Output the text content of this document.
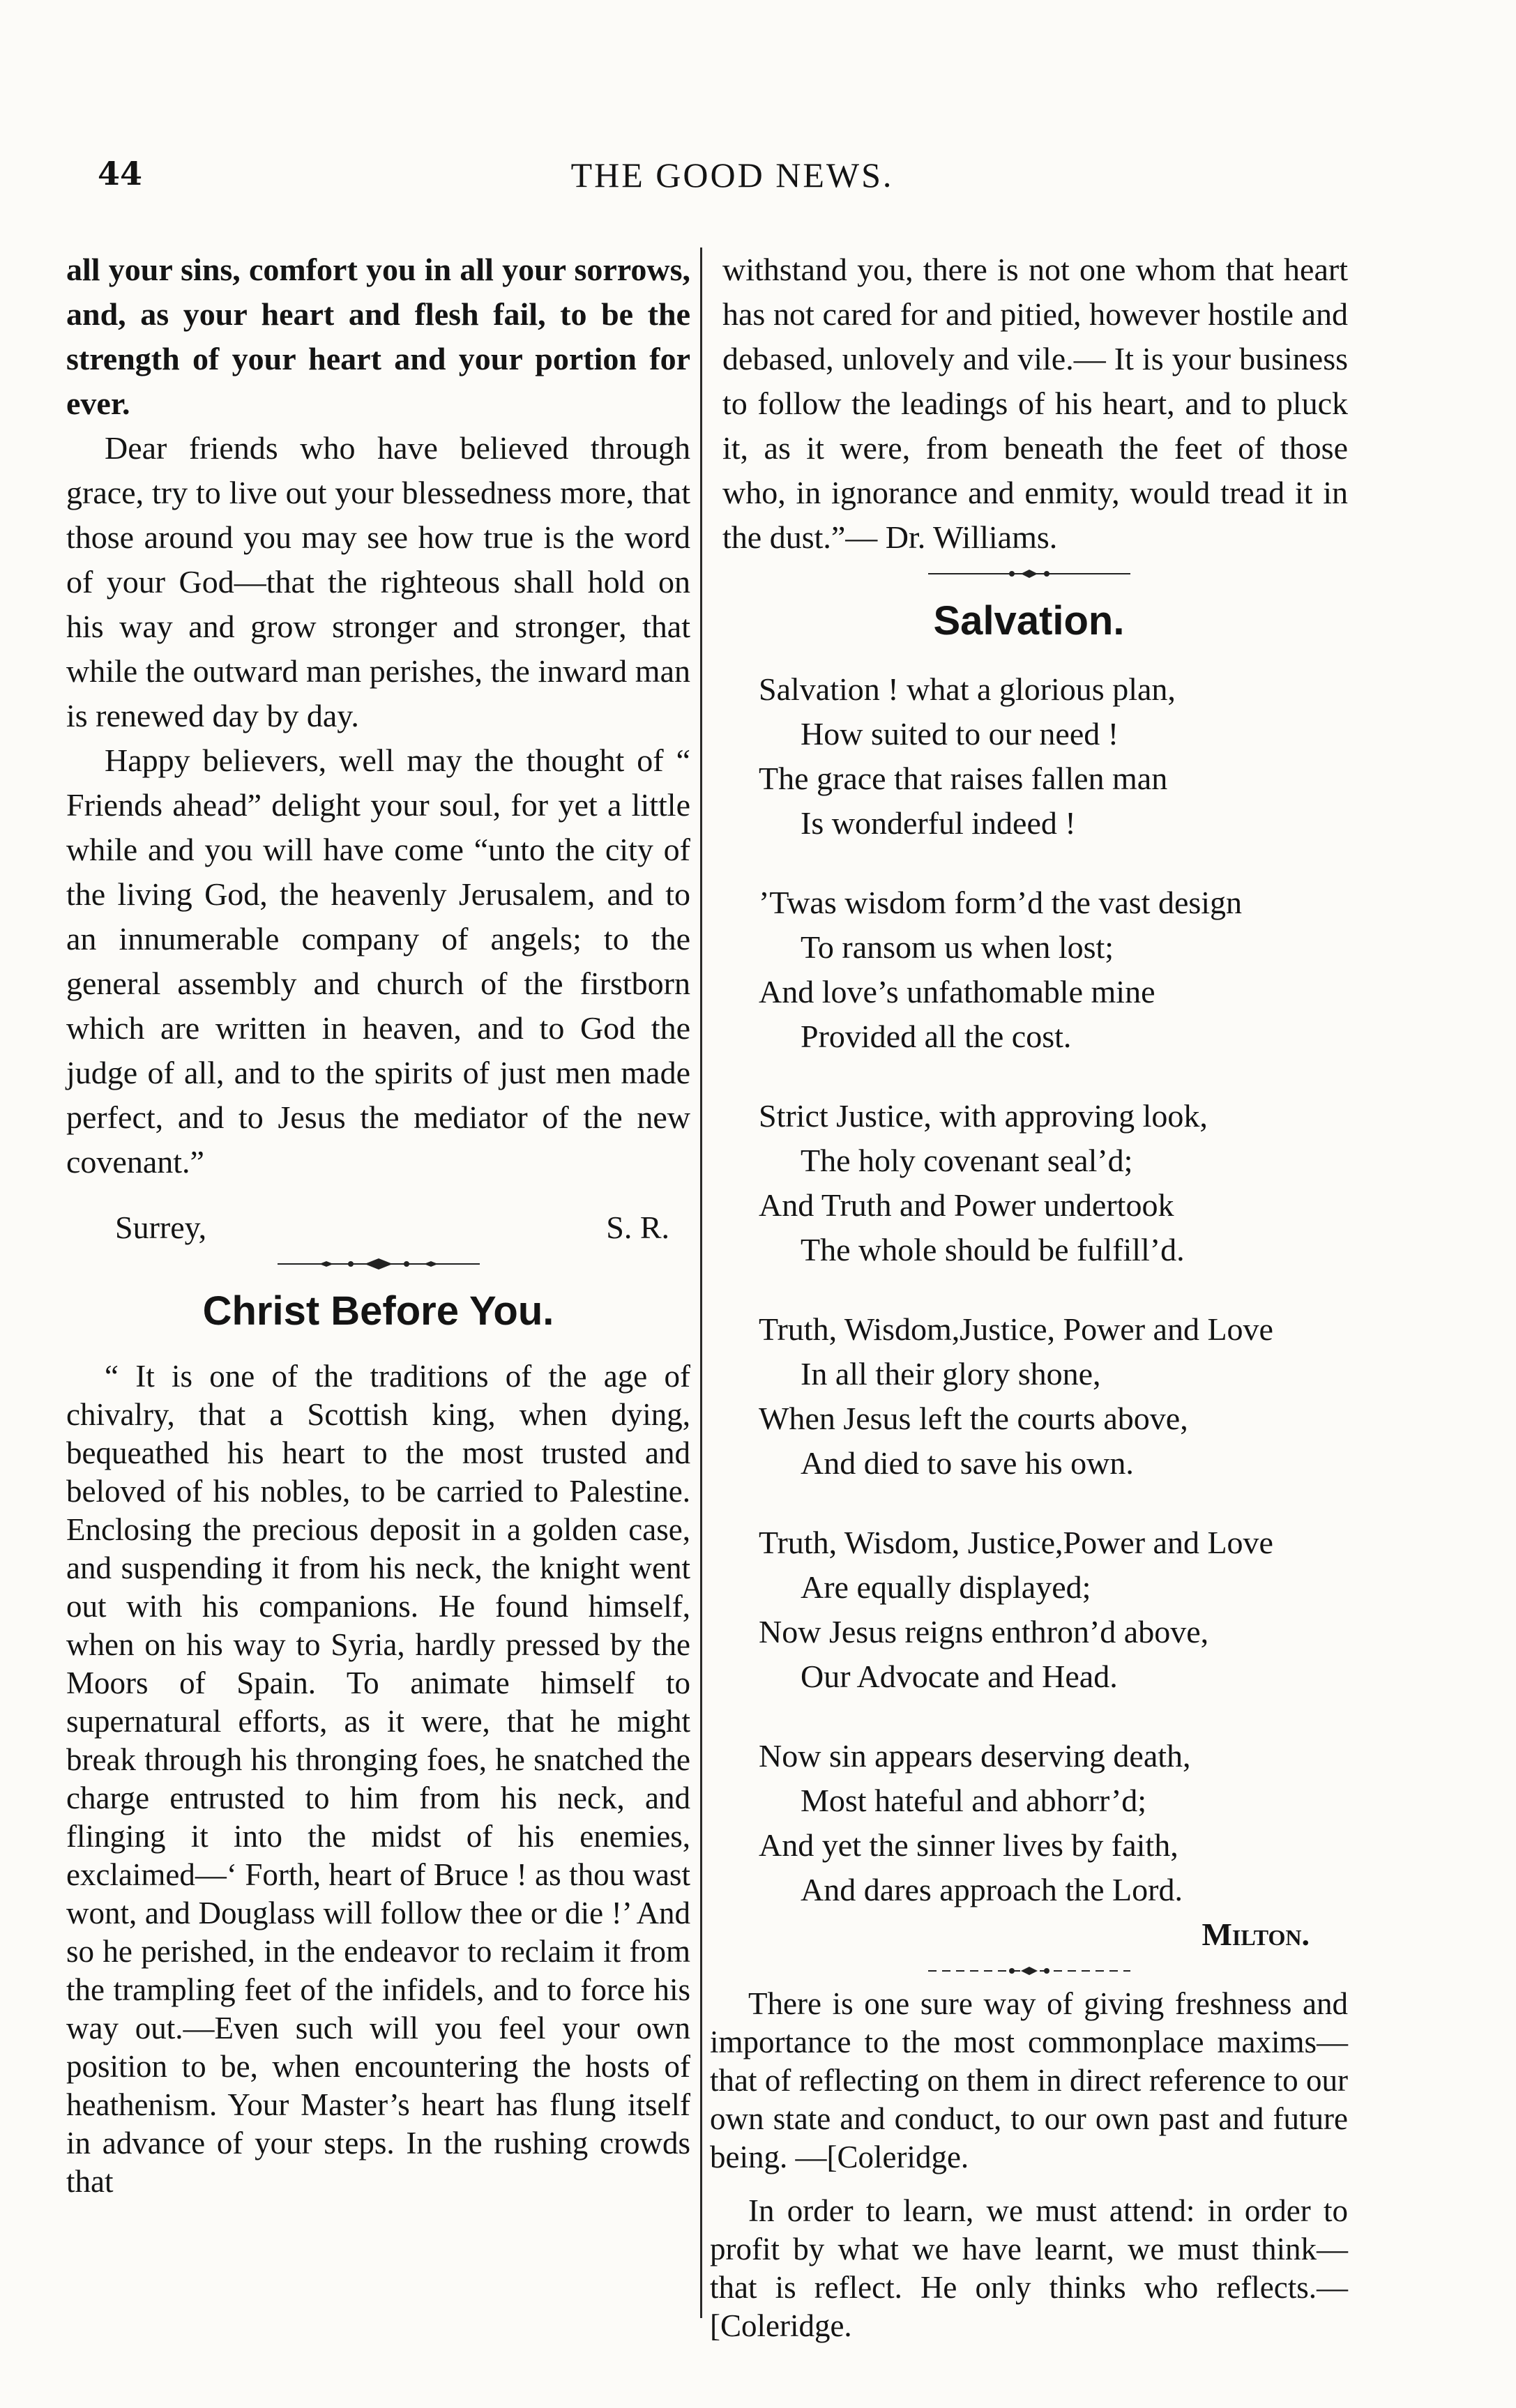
44	THE GOOD NEWS.

all your sins, comfort you in all your sorrows, and, as your heart and flesh fail, to be the strength of your heart and your portion for ever.

Dear friends who have believed through grace, try to live out your blessedness more, that those around you may see how true is the word of your God—that the righteous shall hold on his way and grow stronger and stronger, that while the outward man perishes, the inward man is renewed day by day.

Happy believers, well may the thought of “ Friends ahead” delight your soul, for yet a little while and you will have come “unto the city of the living God, the heavenly Jerusalem, and to an innumerable company of angels; to the general assembly and church of the firstborn which are written in heaven, and to God the judge of all, and to the spirits of just men made perfect, and to Jesus the mediator of the new covenant.”

Surrey,	S. R.
Christ Before You.

“ It is one of the traditions of the age of chivalry, that a Scottish king, when dying, bequeathed his heart to the most trusted and beloved of his nobles, to be carried to Palestine. Enclosing the precious deposit in a golden case, and suspending it from his neck, the knight went out with his companions. He found himself, when on his way to Syria, hardly pressed by the Moors of Spain. To animate himself to supernatural efforts, as it were, that he might break through his thronging foes, he snatched the charge entrusted to him from his neck, and flinging it into the midst of his enemies, exclaimed—‘ Forth, heart of Bruce ! as thou wast wont, and Douglass will follow thee or die !’ And so he perished, in the endeavor to reclaim it from the trampling feet of the infidels, and to force his way out.—Even such will you feel your own position to be, when encountering the hosts of heathenism. Your Master’s heart has flung itself in advance of your steps. In the rushing crowds that

withstand you, there is not one whom that heart has not cared for and pitied, however hostile and debased, unlovely and vile.— It is your business to follow the leadings of his heart, and to pluck it, as it were, from beneath the feet of those who, in ignorance and enmity, would tread it in the dust.”— Dr. Williams.

Salvation.
Salvation ! what a glorious plan,
How suited to our need !
The grace that raises fallen man
Is wonderful indeed !
’Twas wisdom form’d the vast design
To ransom us when lost;
And love’s unfathomable mine
Provided all the cost.
Strict Justice, with approving look,
The holy covenant seal’d;
And Truth and Power undertook
The whole should be fulfill’d.
Truth, Wisdom,Justice, Power and Love
In all their glory shone,
When Jesus left the courts above,
And died to save his own.
Truth, Wisdom, Justice,Power and Love
Are equally displayed;
Now Jesus reigns enthron’d above,
Our Advocate and Head.
Now sin appears deserving death,
Most hateful and abhorr’d;
And yet the sinner lives by faith,
And dares approach the Lord.
Milton.

There is one sure way of giving freshness and importance to the most commonplace maxims—that of reflecting on them in direct reference to our own state and conduct, to our own past and future being. —[Coleridge.

In order to learn, we must attend: in order to profit by what we have learnt, we must think—that is reflect. He only thinks who reflects.—[Coleridge.
